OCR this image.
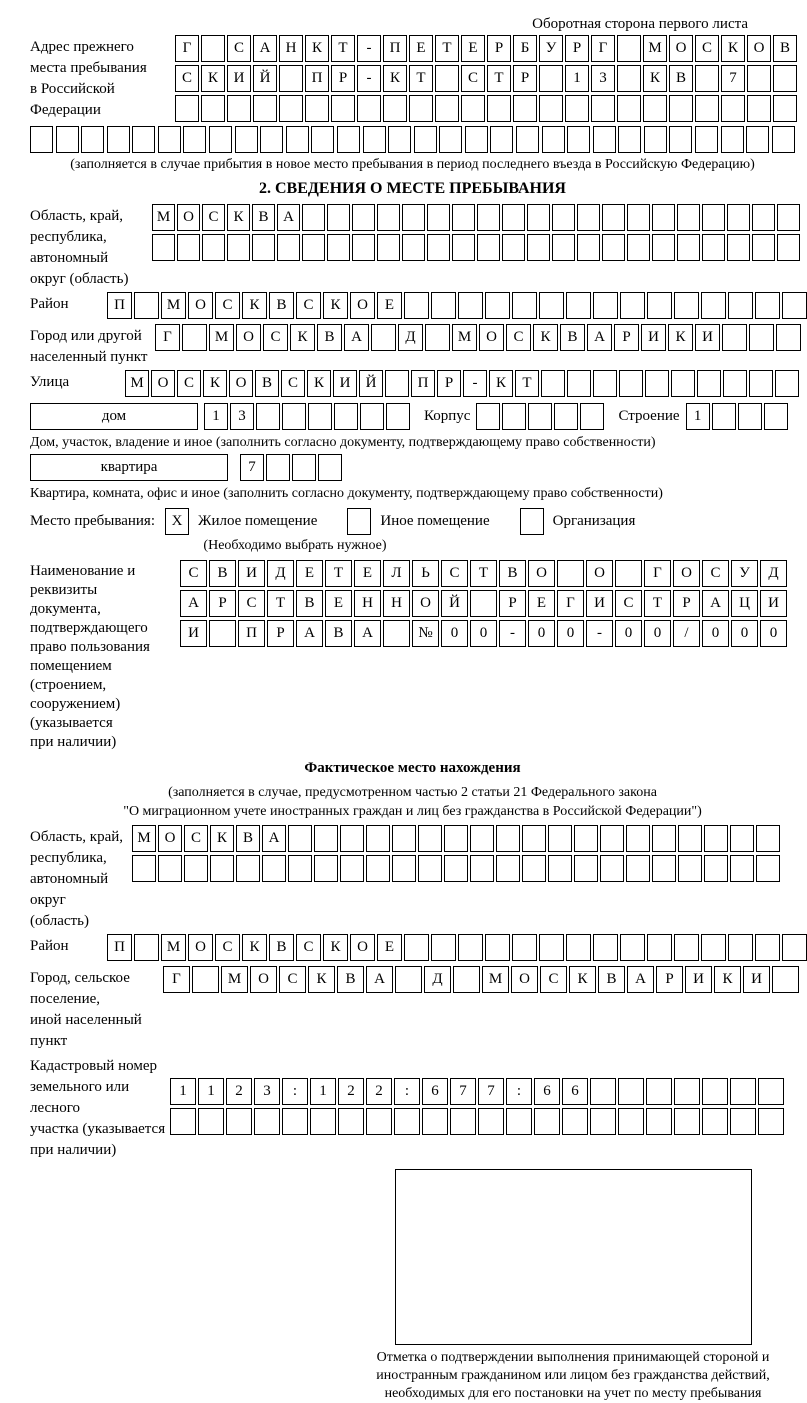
Оборотная сторона первого листа
Адрес прежнего
места пребывания
в Российской
Федерации
Г	С	А	Н	К	Т	-	П	Е	Т	Е	Р	Б	У	Р	Г	М О	С	К	О	В
С	К	И	Й	П	Р	-	К	Т	С	Т	Р	1	3	К	В	7
(заполняется в случае прибытия в новое место пребывания в период последнего въезда в Российскую Федерацию)
2. СВЕДЕНИЯ О МЕСТЕ ПРЕБЫВАНИЯ
Область, край,
республика,
автономный
округ (область)
М О С К В А
Район	П	М О	С	К	В	С	К	О	Е
Город или другой
населенный пункт
Г	М О	С	К	В	А	Д	М О	С	К	В	А	Р	И	К	И
Улица	М О	С	К	О	В	С	К	И	Й	П	Р	-	К	Т
дом	1	3	Корпус	Строение 1
Дом, участок, владение и иное (заполнить согласно документу, подтверждающему право собственности)
квартира	7
Квартира, комната, офис и иное (заполнить согласно документу, подтверждающему право собственности)
Место пребывания:	X	Жилое помещение	Иное помещение	Организация
(Необходимо выбрать нужное)
Наименование и реквизиты
документа, подтверждающего
право пользования
помещением (строением,
сооружением) (указывается
при наличии)
С	В	И	Д	Е	Т	Е	Л	Ь	С	Т	В	О	О	Г	О	С	У	Д
А	Р	С	Т	В	Е	Н	Н	О	Й	Р	Е	Г	И	С	Т	Р	А	Ц	И
И	П	Р	А	В	А	№	0	0	-	0	0	-	0	0	/	0	0	0
Фактическое место нахождения
(заполняется в случае, предусмотренном частью 2 статьи 21 Федерального закона
"О миграционном учете иностранных граждан и лиц без гражданства в Российской Федерации")
Область, край,
республика,
автономный округ
(область)
М О	С	К	В	А
Район	П	М О	С	К	В	С	К	О	Е
Город, сельское поселение,
иной населенный пункт
Г	М	О	С	К	В	А	Д	М	О	С	К	В	А	Р	И	К	И
Кадастровый номер
земельного или лесного
участка (указывается
при наличии)
1	1	2	3	:	1	2	2	:	6	7	7	:	6	6
Отметка о подтверждении выполнения принимающей стороной и иностранным гражданином или лицом без гражданства действий, необходимых для его постановки на учет по месту пребывания
